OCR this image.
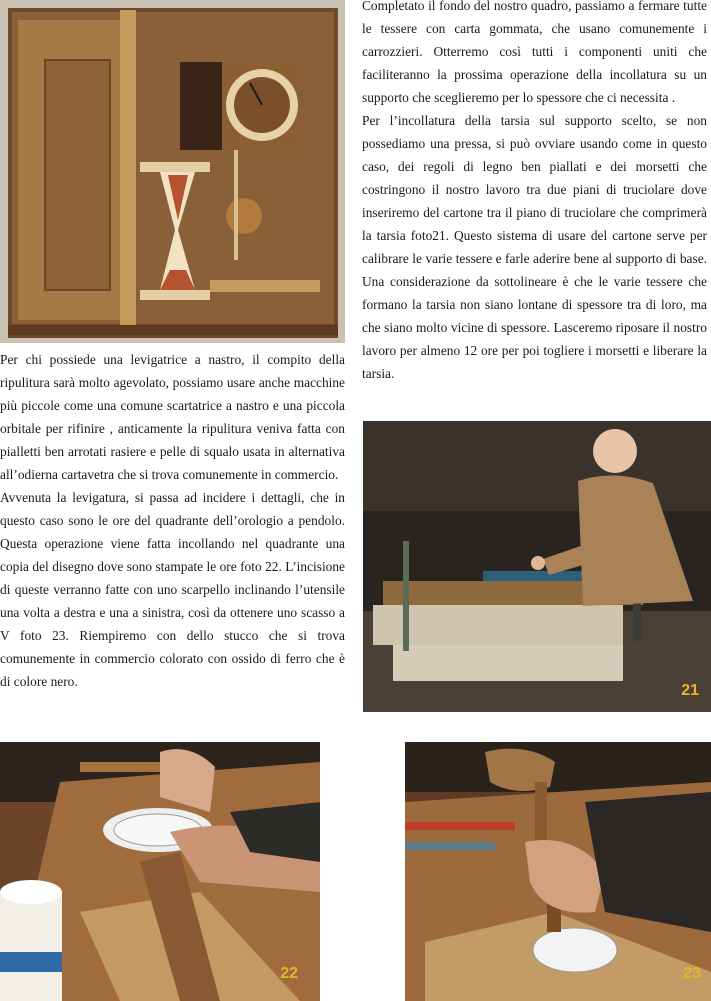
Completato il fondo del nostro quadro, passiamo a fermare tutte le tessere con carta gommata, che usano comunemente i carrozzieri. Otterremo così tutti i componenti uniti che faciliteranno la prossima operazione della incollatura su un supporto che sceglieremo per lo spessore che ci necessita .

Per l’incollatura della tarsia sul supporto scelto, se non possediamo una pressa, si può ovviare usando come in questo caso, dei regoli di legno ben piallati e dei morsetti che costringono il nostro lavoro tra due piani di truciolare dove inseriremo del cartone tra il piano di truciolare che comprimerà la tarsia foto21. Questo sistema di usare del cartone serve per calibrare le varie tessere e farle aderire bene al supporto di base. Una considerazione da sottolineare è che le varie tessere che formano la tarsia non siano lontane di spessore tra di loro, ma che siano molto vicine di spessore. Lasceremo riposare il nostro lavoro per almeno 12 ore per poi togliere i morsetti e liberare la tarsia.

Per chi possiede una levigatrice a nastro, il compito della ripulitura sarà molto agevolato, possiamo usare anche macchine più piccole come una comune scartatrice a nastro e una piccola orbitale per rifinire , anticamente la ripulitura veniva fatta con pialletti ben arrotati rasiere e pelle di squalo usata in alternativa all’odierna cartavetra che si trova comunemente in commercio.

Avvenuta la levigatura, si passa ad incidere i dettagli, che in questo caso sono le ore del quadrante dell’orologio a pendolo. Questa operazione viene fatta incollando nel quadrante una copia del disegno dove sono stampate le ore foto 22. L’incisione di queste verranno fatte con uno scarpello inclinando l’utensile una volta a destra e una a sinistra, così da ottenere uno scasso a V foto 23. Riempiremo con dello stucco che si trova comunemente in commercio colorato con ossido di ferro che è di colore nero.

21
22	23
